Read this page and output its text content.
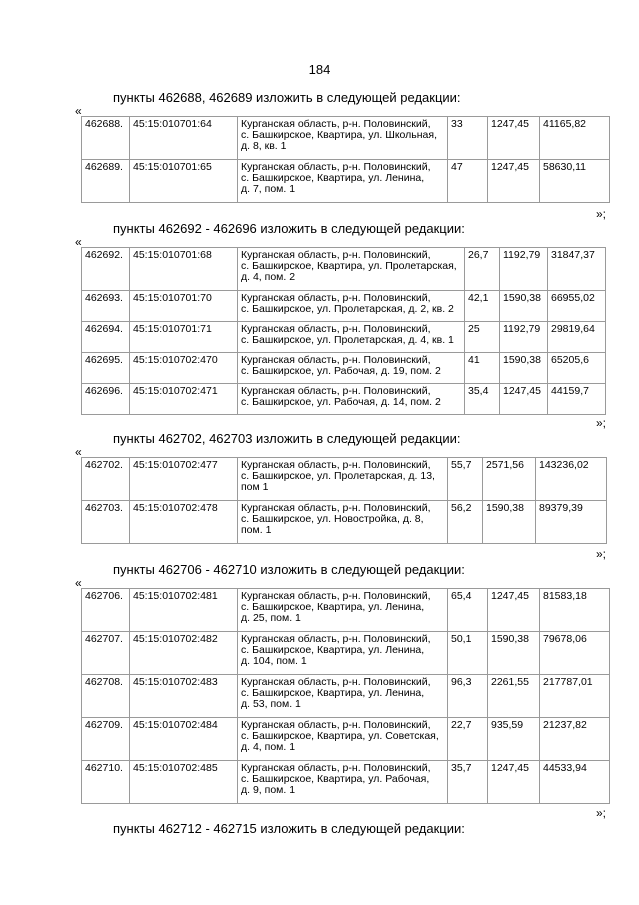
184
пункты 462688, 462689 изложить в следующей редакции:
«
462688.	45:15:010701:64	Курганская область, р-н. Половинский,
с. Башкирское, Квартира, ул. Школьная,
д. 8, кв. 1	33	1247,45	41165,82
462689.	45:15:010701:65	Курганская область, р-н. Половинский,
с. Башкирское, Квартира, ул. Ленина,
д. 7, пом. 1	47	1247,45	58630,11
»;
пункты 462692 - 462696 изложить в следующей редакции:
«
462692.	45:15:010701:68	Курганская область, р-н. Половинский,
с. Башкирское, Квартира, ул. Пролетарская,
д. 4, пом. 2	26,7	1192,79	31847,37
462693.	45:15:010701:70	Курганская область, р-н. Половинский,
с. Башкирское, ул. Пролетарская, д. 2, кв. 2	42,1	1590,38	66955,02
462694.	45:15:010701:71	Курганская область, р-н. Половинский,
с. Башкирское, ул. Пролетарская, д. 4, кв. 1	25	1192,79	29819,64
462695.	45:15:010702:470	Курганская область, р-н. Половинский,
с. Башкирское, ул. Рабочая, д. 19, пом. 2	41	1590,38	65205,6
462696.	45:15:010702:471	Курганская область, р-н. Половинский,
с. Башкирское, ул. Рабочая, д. 14, пом. 2	35,4	1247,45	44159,7
»;
пункты 462702, 462703 изложить в следующей редакции:
«
462702.	45:15:010702:477	Курганская область, р-н. Половинский,
с. Башкирское, ул. Пролетарская, д. 13,
пом 1	55,7	2571,56	143236,02
462703.	45:15:010702:478	Курганская область, р-н. Половинский,
с. Башкирское, ул. Новостройка, д. 8,
пом. 1	56,2	1590,38	89379,39
»;
пункты 462706 - 462710 изложить в следующей редакции:
«
462706.	45:15:010702:481	Курганская область, р-н. Половинский,
с. Башкирское, Квартира, ул. Ленина,
д. 25, пом. 1	65,4	1247,45	81583,18
462707.	45:15:010702:482	Курганская область, р-н. Половинский,
с. Башкирское, Квартира, ул. Ленина,
д. 104, пом. 1	50,1	1590,38	79678,06
462708.	45:15:010702:483	Курганская область, р-н. Половинский,
с. Башкирское, Квартира, ул. Ленина,
д. 53, пом. 1	96,3	2261,55	217787,01
462709.	45:15:010702:484	Курганская область, р-н. Половинский,
с. Башкирское, Квартира, ул. Советская,
д. 4, пом. 1	22,7	935,59	21237,82
462710.	45:15:010702:485	Курганская область, р-н. Половинский,
с. Башкирское, Квартира, ул. Рабочая,
д. 9, пом. 1	35,7	1247,45	44533,94
»;
пункты 462712 - 462715 изложить в следующей редакции:
